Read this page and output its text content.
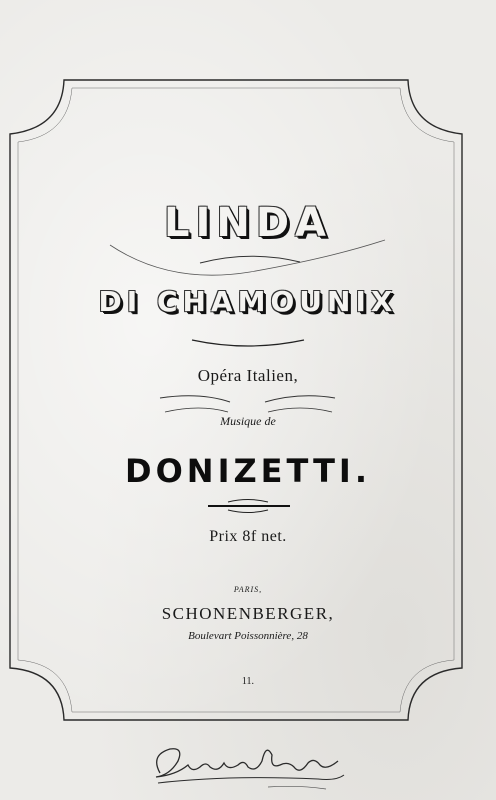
LINDA
DI CHAMOUNIX
Opéra Italien,
Musique de
DONIZETTI.
Prix 8f net.
PARIS,
SCHONENBERGER,
Boulevart Poissonnière, 28
11.
